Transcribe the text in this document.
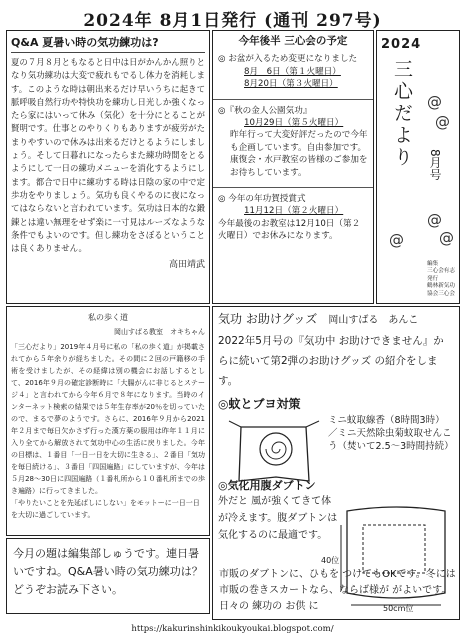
2024年 8月1日発行 (通刊 297号)
Q&A 夏暑い時の気功練功は?
夏の７月８月ともなると日中は日がかんかん照りとなり気功練功は大変で疲れもでるし体力を消耗します。このような時は朝出来るだけ早いうちに起きて脈呼吸自然行功や特快功を練功し日光しか強くなったら家にはいって休み（気化）を十分にとることが賢明です。仕事とのやりくりもありますが疲労がたまりやすいので休みは出来るだけとるようにしましょう。そして日暮れになったらまた練功時間をとるようにして一日の練功メニューを消化するようにします。都合で日中に練功する時は日陰の家の中で定歩功をやりましょう。気功も良くやるのに夜になってはならないと言われています。気功は日本的な鍛錬とは違い無理をせず楽に一寸見はルーズなような条件でもよいのです。但し練功をさぼるということは良くありません。
高田靖武
今年後半 三心会の予定
◎ お盆が入るため変更になりました
8月　6日（第１火曜日）
8月20日（第３火曜日）
◎『秋の金人公園気功』
10月29日（第５火曜日）
昨年行って大変好評だったので今年も企画しています。自由参加です。康復会・水戸教室の皆様のご参加をお待ちしています。
◎ 今年の年功賀授賞式
11月12日（第２火曜日）
今年最後のお教室は12月10日（第２火曜日）でお休みになります。
2024
三心だより 8月号
@
@
@
@
@
編集
三心会有志
発行
鶴林新気功
協会三心会
私の歩く道
岡山すばる教室　オキちゃん
「三心だより」2019年４月号に私の「私の歩く道」が掲載されてから５年余りが経ちました。その間に２回の戸籍移の手術を受けましたが、その経緯は別の機会にお話しするとして、2016年９月の確定診断時に「大腸がんに非じるとステージ４」と言われてから今年６月で８年になります。当時のインターネット検索の結果では５年生存率が20％を切っていたので、まるで夢のようです。さらに、2016年９月から2021年２月まで毎日欠かさず行った漢方薬の服用は昨年１１月に入り全てから解放されて気功中心の生活に戻りました。今年の目標は、１番目「一日一日を大切に生きる」、２番目「気功を毎日続ける」、３番目「四国遍路」にしていますが、今年は５月28〜30日に四国遍路（１番札所から１０番札所までの歩き遍路）に行ってきました。
「やりたいことを先延ばしにしない」をモットーに一日一日を大切に過ごしています。
気功 お助けグッズ 岡山すばる　あんこ
2022年5月号の『気功中 お助けできません』からに続いて第2弾のお助けグッズ の紹介をします。
◎蚊とブヨ対策
ミニ蚊取線香（8時間3時）／ミニ天然除虫菊蚊取せんこう（焚いて2.5〜3時間持続）
◎気化用腹ダブトン
40位
50cm位
外だと 風が強くてきて体が冷えます。腹ダブトンは 気化するのに最適です。
市販のダブトンに、ひもを つけてもOKです。冬には市販の巻きスカートなら、ならば様が がよいです。日々の 練功の お供 に
今月の題は編集部しゅうです。連日暑いですね。Q&A暑い時の気功練功は？どうぞお読み下さい。
https://kakurinshinkikoukyoukai.blogspot.com/
